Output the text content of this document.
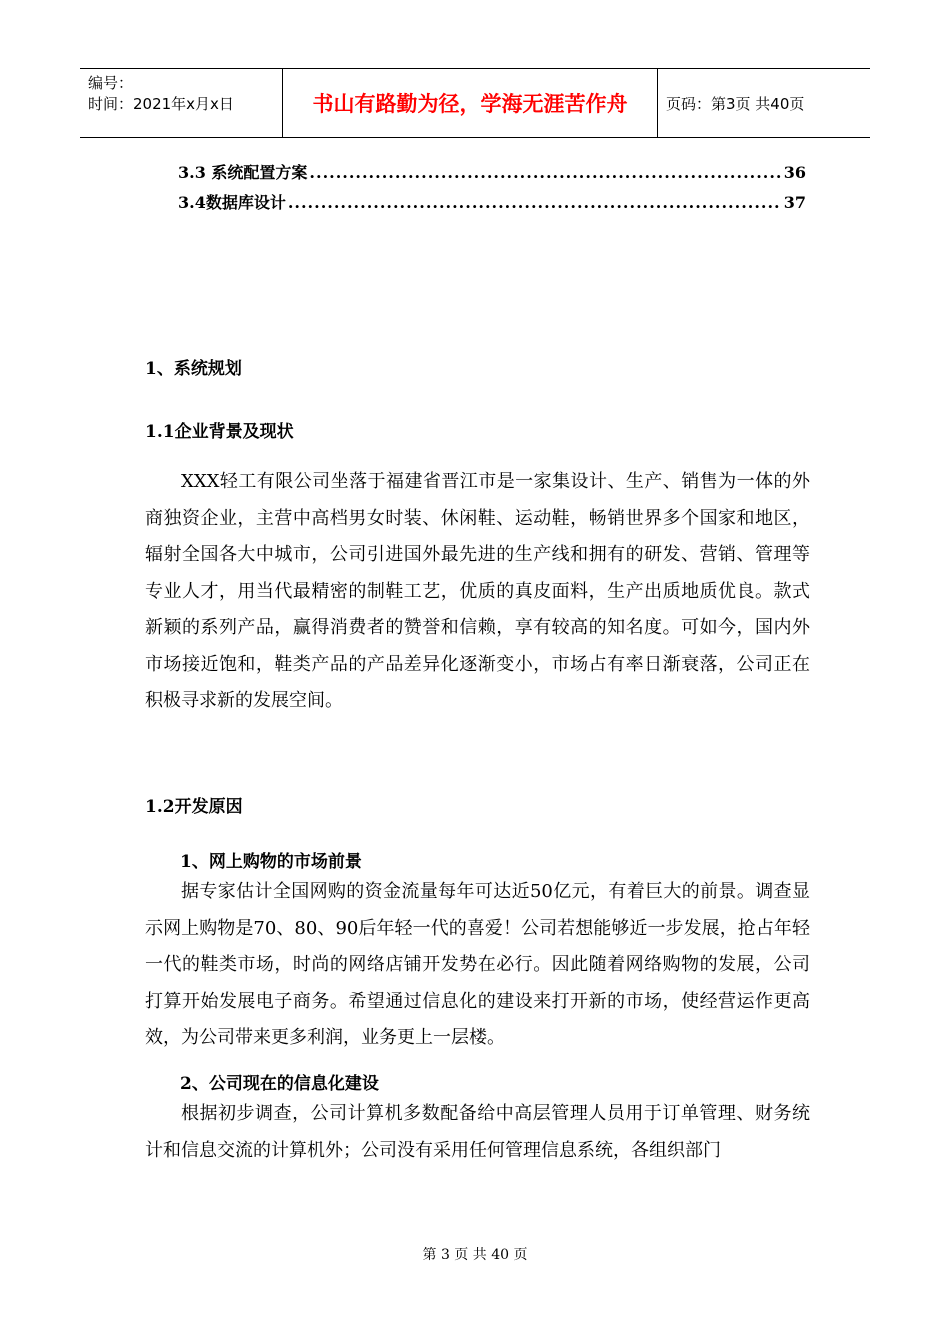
编号：
时间：2021年x月x日	书山有路勤为径，学海无涯苦作舟	页码：第3页 共40页
3.3 系统配置方案 .....	36
3.4数据库设计 .....	37
1、系统规划
1.1企业背景及现状

XXX轻工有限公司坐落于福建省晋江市是一家集设计、生产、销售为一体的外商独资企业，主营中高档男女时装、休闲鞋、运动鞋，畅销世界多个国家和地区，辐射全国各大中城市，公司引进国外最先进的生产线和拥有的研发、营销、管理等专业人才，用当代最精密的制鞋工艺，优质的真皮面料，生产出质地质优良。款式新颖的系列产品，赢得消费者的赞誉和信赖，享有较高的知名度。可如今，国内外市场接近饱和，鞋类产品的产品差异化逐渐变小，市场占有率日渐衰落，公司正在积极寻求新的发展空间。

1.2开发原因
1、网上购物的市场前景

据专家估计全国网购的资金流量每年可达近50亿元，有着巨大的前景。调查显示网上购物是70、80、90后年轻一代的喜爱！公司若想能够近一步发展，抢占年轻一代的鞋类市场，时尚的网络店铺开发势在必行。因此随着网络购物的发展，公司打算开始发展电子商务。希望通过信息化的建设来打开新的市场，使经营运作更高效，为公司带来更多利润，业务更上一层楼。

2、公司现在的信息化建设

根据初步调查，公司计算机多数配备给中高层管理人员用于订单管理、财务统计和信息交流的计算机外；公司没有采用任何管理信息系统，各组织部门

第 3 页 共 40 页
